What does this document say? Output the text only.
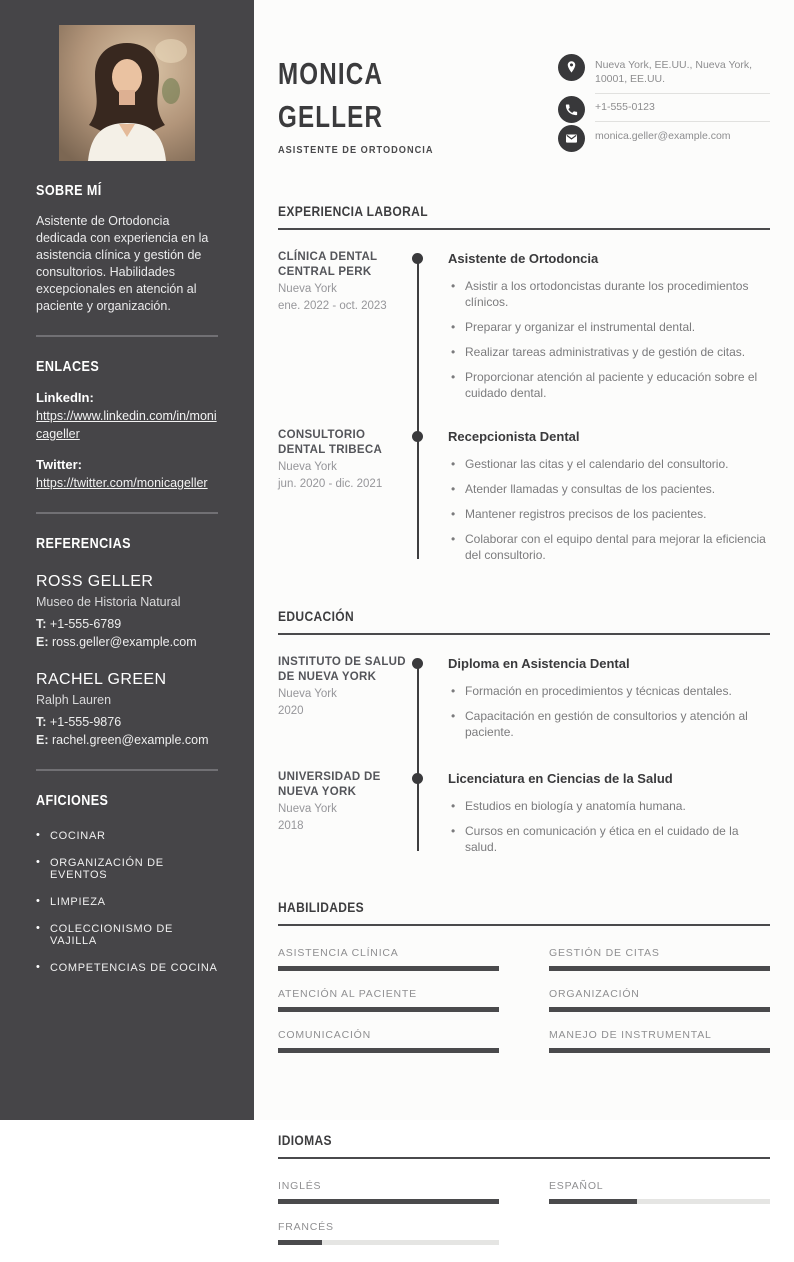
SOBRE MÍ

Asistente de Ortodoncia dedicada con experiencia en la asistencia clínica y gestión de consultorios. Habilidades excepcionales en atención al paciente y organización.

ENLACES
LinkedIn:
https://www.linkedin.com/in/monicageller
Twitter:
https://twitter.com/monicageller
REFERENCIAS
ROSS GELLER
Museo de Historia Natural
T: +1-555-6789
E: ross.geller@example.com
RACHEL GREEN
Ralph Lauren
T: +1-555-9876
E: rachel.green@example.com
AFICIONES
• COCINAR
• ORGANIZACIÓN DE EVENTOS
• LIMPIEZA
• COLECCIONISMO DE VAJILLA
• COMPETENCIAS DE COCINA
MONICA
GELLER
ASISTENTE DE ORTODONCIA
Nueva York, EE.UU., Nueva York, 10001, EE.UU.
+1-555-0123
monica.geller@example.com
EXPERIENCIA LABORAL
CLÍNICA DENTAL CENTRAL PERK
Nueva York
ene. 2022 - oct. 2023
Asistente de Ortodoncia
• Asistir a los ortodoncistas durante los procedimientos clínicos.
• Preparar y organizar el instrumental dental.
• Realizar tareas administrativas y de gestión de citas.
• Proporcionar atención al paciente y educación sobre el cuidado dental.
CONSULTORIO DENTAL TRIBECA
Nueva York
jun. 2020 - dic. 2021
Recepcionista Dental
• Gestionar las citas y el calendario del consultorio.
• Atender llamadas y consultas de los pacientes.
• Mantener registros precisos de los pacientes.
• Colaborar con el equipo dental para mejorar la eficiencia del consultorio.
EDUCACIÓN
INSTITUTO DE SALUD DE NUEVA YORK
Nueva York
2020
Diploma en Asistencia Dental
• Formación en procedimientos y técnicas dentales.
• Capacitación en gestión de consultorios y atención al paciente.
UNIVERSIDAD DE NUEVA YORK
Nueva York
2018
Licenciatura en Ciencias de la Salud
• Estudios en biología y anatomía humana.
• Cursos en comunicación y ética en el cuidado de la salud.
HABILIDADES
ASISTENCIA CLÍNICA	GESTIÓN DE CITAS
ATENCIÓN AL PACIENTE	ORGANIZACIÓN
COMUNICACIÓN	MANEJO DE INSTRUMENTAL
IDIOMAS
INGLÉS	ESPAÑOL
FRANCÉS
